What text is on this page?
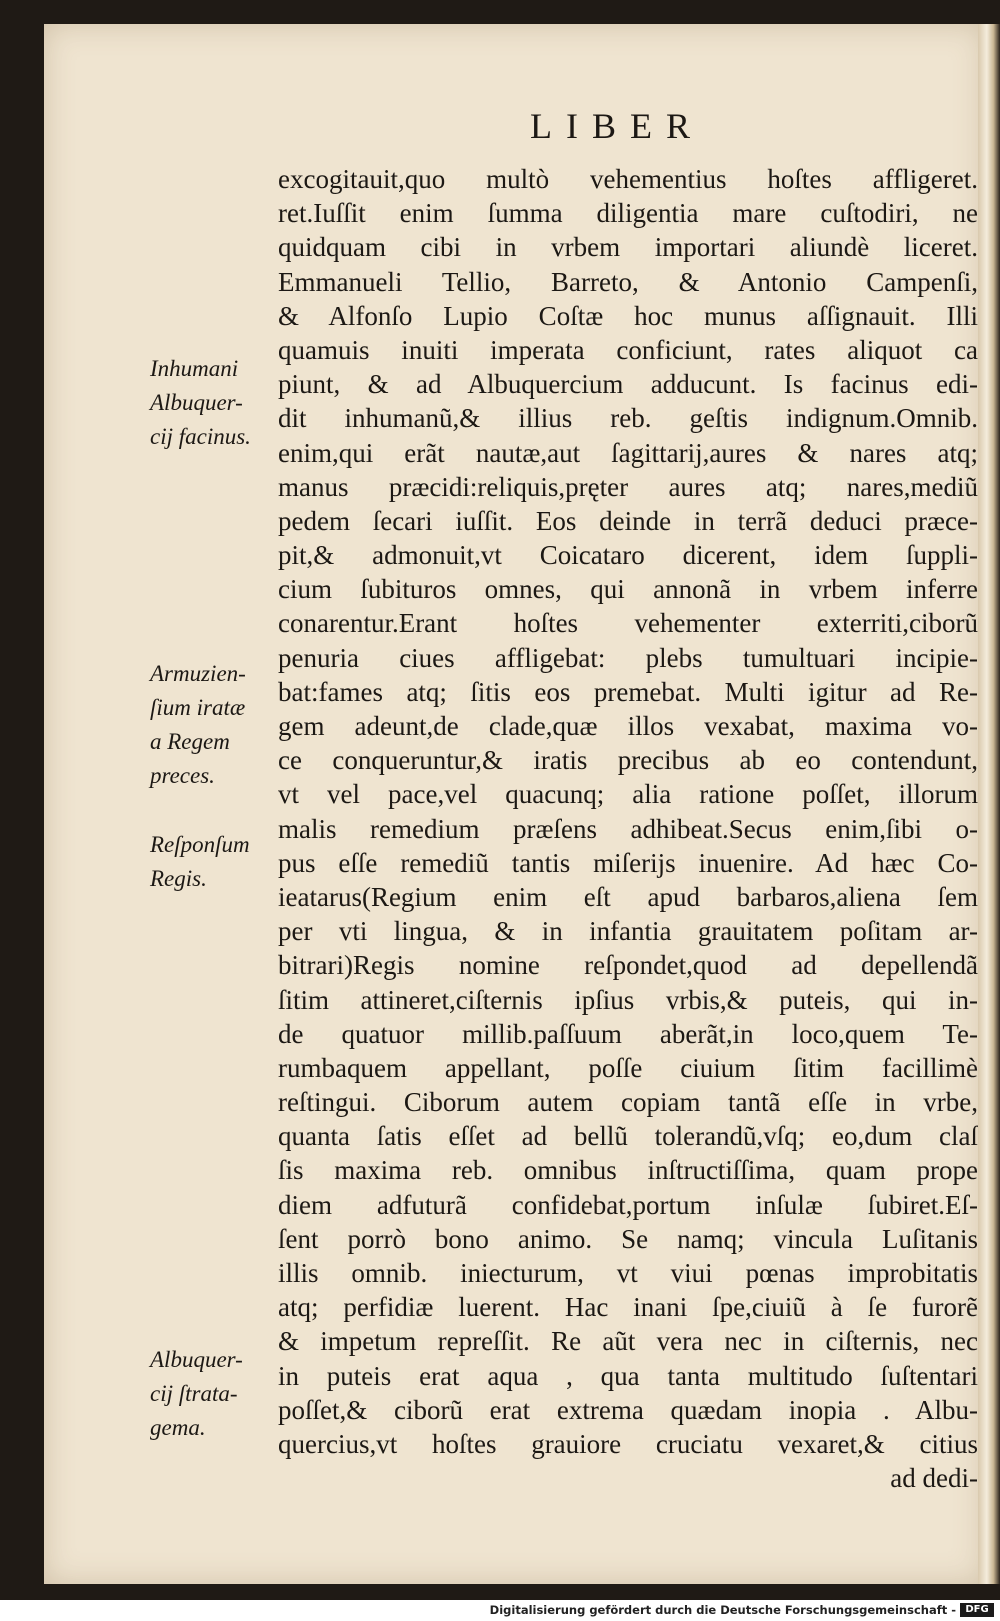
LIBER
excogitauit,quo multò vehementius hoſtes affligeret.
ret.Iuſſit enim ſumma diligentia mare cuſtodiri, ne
quidquam cibi in vrbem importari aliundè liceret.
Emmanueli Tellio, Barreto, & Antonio Campenſi,
& Alfonſo Lupio Coſtæ hoc munus aſſignauit. Illi
quamuis inuiti imperata conficiunt, rates aliquot ca
piunt, & ad Albuquercium adducunt. Is facinus edi-
dit inhumanũ,& illius reb. geſtis indignum.Omnib.
enim,qui erãt nautæ,aut ſagittarij,aures & nares atq;
manus præcidi:reliquis,pręter aures atq; nares,mediũ
pedem ſecari iuſſit. Eos deinde in terrã deduci præce-
pit,& admonuit,vt Coicataro dicerent, idem ſuppli-
cium ſubituros omnes, qui annonã in vrbem inferre
conarentur.Erant hoſtes vehementer exterriti,ciborũ
penuria ciues affligebat: plebs tumultuari incipie-
bat:fames atq; ſitis eos premebat. Multi igitur ad Re-
gem adeunt,de clade,quæ illos vexabat, maxima vo-
ce conqueruntur,& iratis precibus ab eo contendunt,
vt vel pace,vel quacunq; alia ratione poſſet, illorum
malis remedium præſens adhibeat.Secus enim,ſibi o-
pus eſſe remediũ tantis miſerijs inuenire. Ad hæc Co-
ieatarus(Regium enim eſt apud barbaros,aliena ſem
per vti lingua, & in infantia grauitatem poſitam ar-
bitrari)Regis nomine reſpondet,quod ad depellendã
ſitim attineret,ciſternis ipſius vrbis,& puteis, qui in-
de quatuor millib.paſſuum aberãt,in loco,quem Te-
rumbaquem appellant, poſſe ciuium ſitim facillimè
reſtingui. Ciborum autem copiam tantã eſſe in vrbe,
quanta ſatis eſſet ad bellũ tolerandũ,vſq; eo,dum claſ
ſis maxima reb. omnibus inſtructiſſima, quam prope
diem adfuturã confidebat,portum inſulæ ſubiret.Eſ-
ſent porrò bono animo. Se namq; vincula Luſitanis
illis omnib. iniecturum, vt viui pœnas improbitatis
atq; perfidiæ luerent. Hac inani ſpe,ciuiũ à ſe furorẽ
& impetum repreſſit. Re aũt vera nec in ciſternis, nec
in puteis erat aqua , qua tanta multitudo ſuſtentari
poſſet,& ciborũ erat extrema quædam inopia . Albu-
quercius,vt hoſtes grauiore cruciatu vexaret,& citius
ad dedi-
Inhumani
Albuquer-
cij facinus.
Armuzien-
ſium iratæ
a Regem
preces.
Reſponſum
Regis.
Albuquer-
cij ſtrata-
gema.
Digitalisierung gefördert durch die Deutsche Forschungsgemeinschaft - DFG
